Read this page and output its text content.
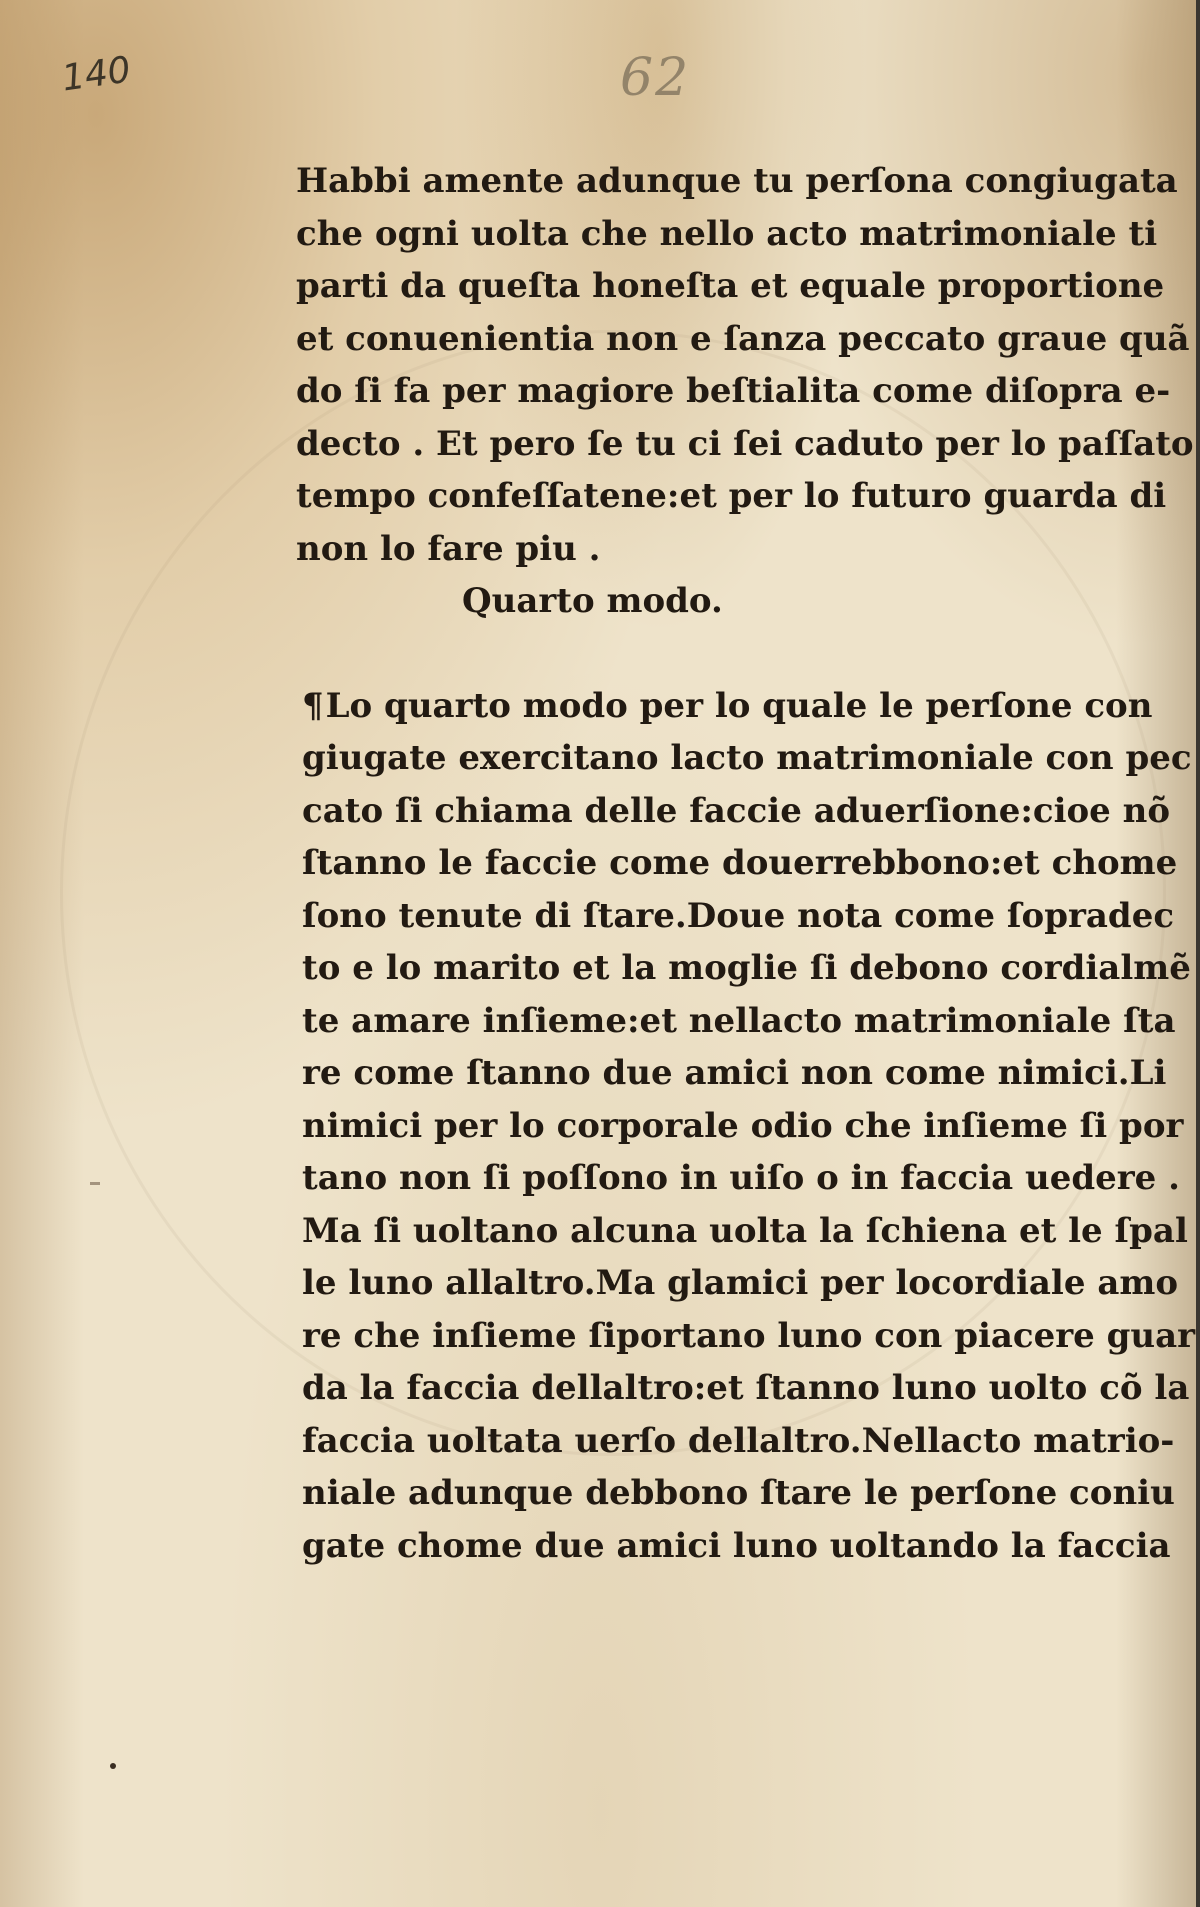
140	62
Habbi amente adunque tu perſona congiugata
che ogni uolta che nello acto matrimoniale ti
parti da queſta honeſta et equale proportione
et conuenientia non e ſanza peccato graue quã
do ſi fa per magiore beſtialita come diſopra e-
decto . Et pero ſe tu ci ſei caduto per lo paſſato
tempo confeſſatene:et per lo futuro guarda di
non lo fare piu .
Quarto modo.
¶Lo quarto modo per lo quale le perſone con
giugate exercitano lacto matrimoniale con pec
cato ſi chiama delle faccie aduerſione:cioe nõ
ſtanno le faccie come douerrebbono:et chome
ſono tenute di ſtare.Doue nota come ſopradec
to e lo marito et la moglie ſi debono cordialmẽ
te amare inſieme:et nellacto matrimoniale ſta
re come ſtanno due amici non come nimici.Li
nimici per lo corporale odio che inſieme ſi por
tano non ſi poſſono in uiſo o in faccia uedere .
Ma ſi uoltano alcuna uolta la ſchiena et le ſpal
le luno allaltro.Ma glamici per locordiale amo
re che inſieme ſiportano luno con piacere guar
da la faccia dellaltro:et ſtanno luno uolto cõ la
faccia uoltata uerſo dellaltro.Nellacto matrio-
niale adunque debbono ſtare le perſone coniu
gate chome due amici luno uoltando la faccia
